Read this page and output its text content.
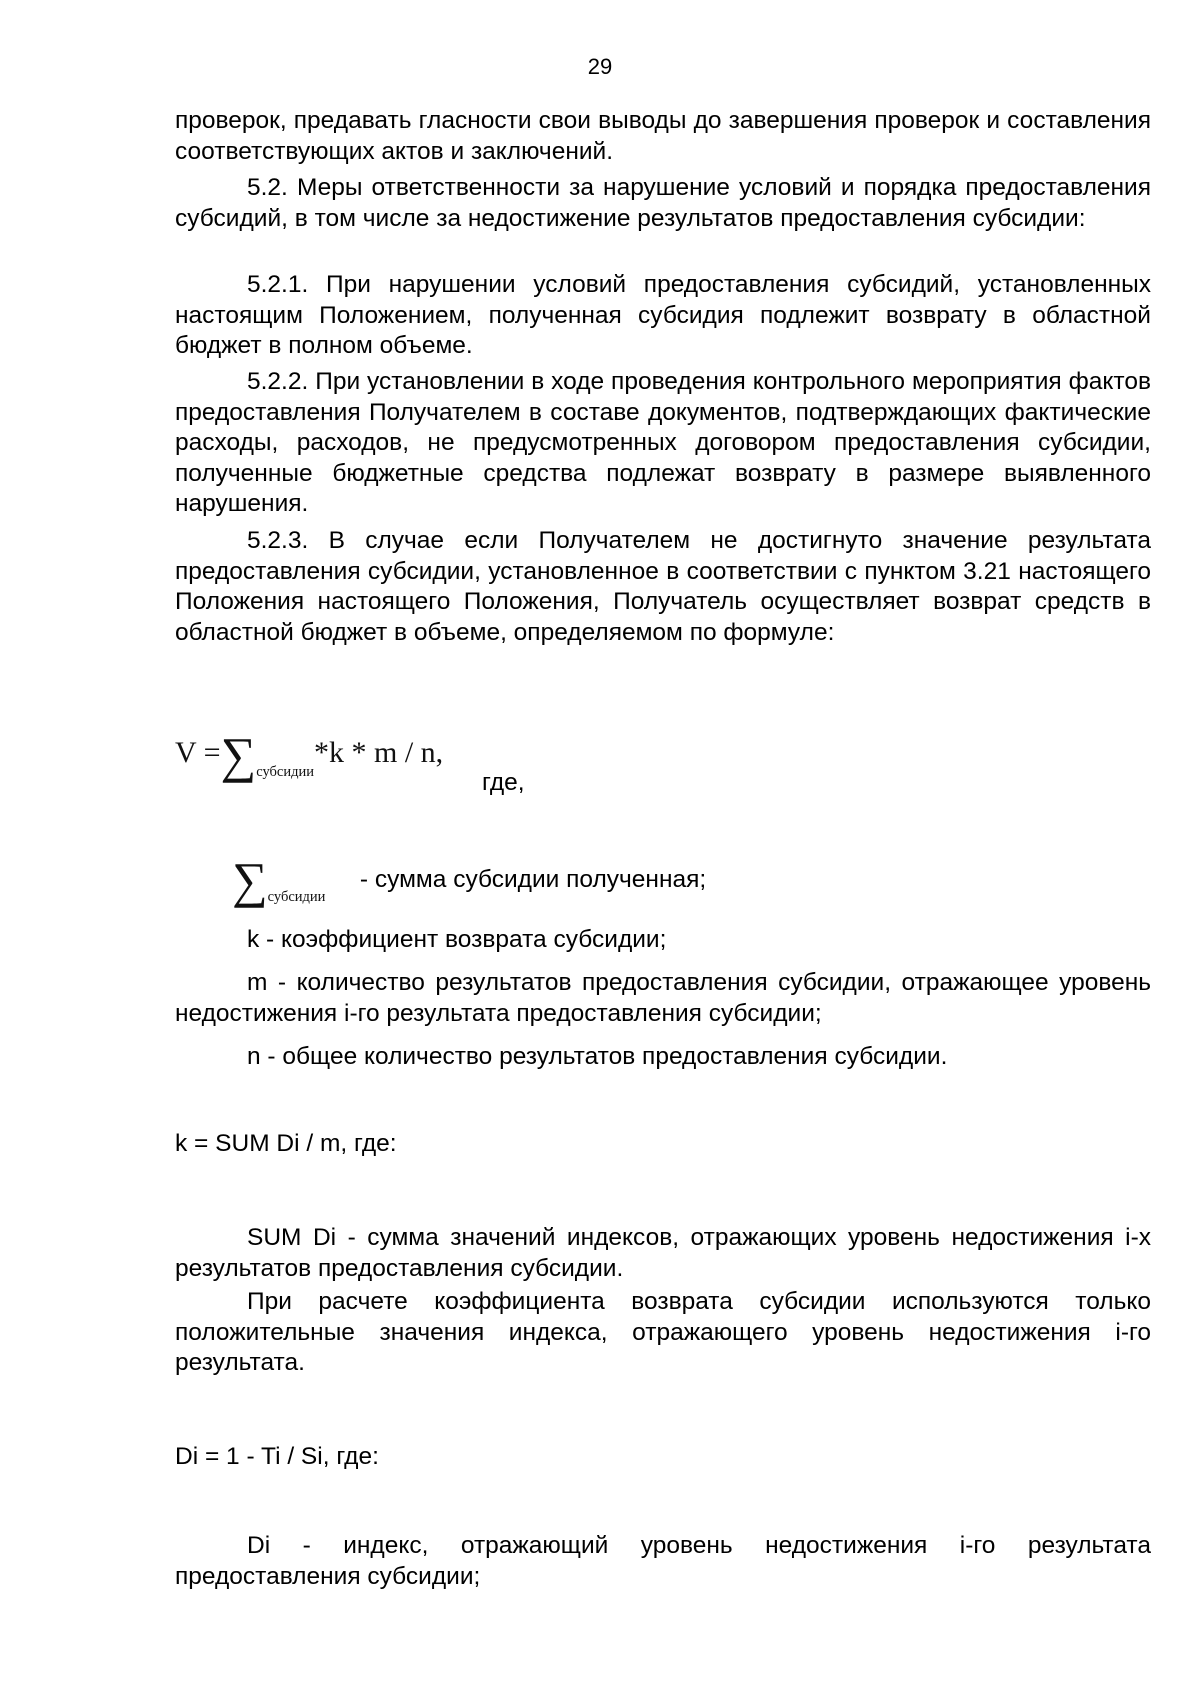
29

проверок, предавать гласности свои выводы до завершения проверок и составления соответствующих актов и заключений.

5.2. Меры ответственности за нарушение условий и порядка предоставления субсидий, в том числе за недостижение результатов предоставления субсидии:

5.2.1. При нарушении условий предоставления субсидий, установленных настоящим Положением, полученная субсидия подлежит возврату в областной бюджет в полном объеме.

5.2.2. При установлении в ходе проведения контрольного мероприятия фактов предоставления Получателем в составе документов, подтверждающих фактические расходы, расходов, не предусмотренных договором предоставления субсидии, полученные бюджетные средства подлежат возврату в размере выявленного нарушения.

5.2.3. В случае если Получателем не достигнуто значение результата предоставления субсидии, установленное в соответствии с пунктом 3.21 настоящего Положения настоящего Положения, Получатель осуществляет возврат средств в областной бюджет в объеме, определяемом по формуле:

V =∑субсидии*k * m / n,
где,
∑субсидии - сумма субсидии полученная;
k - коэффициент возврата субсидии;

m - количество результатов предоставления субсидии, отражающее уровень недостижения i-го результата предоставления субсидии;

n - общее количество результатов предоставления субсидии.
k = SUM Di / m, где:

SUM Di - сумма значений индексов, отражающих уровень недостижения i-х результатов предоставления субсидии.

При расчете коэффициента возврата субсидии используются только положительные значения индекса, отражающего уровень недостижения i-го результата.

Di = 1 - Ti / Si, где:

Di - индекс, отражающий уровень недостижения i-го результата предоставления субсидии;
